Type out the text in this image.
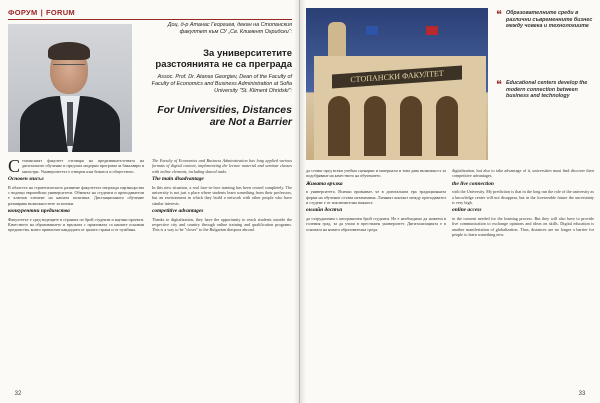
ФОРУМ | FORUM
Доц. д-р Атанас Георгиев, декан на Стопанския факултет към СУ „Св. Климент Охридски“:
За университетите разстоянията не са преграда
Assoc. Prof. Dr. Atanas Georgiev, Dean of the Faculty of Faculty of Economics and Business Administration at Sofia University "St. Kliment Ohridski":
For Universities, Distances are Not a Barrier

Стопанският факултет отговаря на предизвикателствата на дигиталното обучение и предлага модерни програми за бакалаври и магистри. Университетът е отворен към бизнеса и обществото.

Основен мисъл

В областта на стратегическото развитие факултетът изгражда партньорства с водещи европейски университети. Обменът на студенти и преподаватели е ключов елемент на нашата политика. Дистанционното обучение разширява възможностите за всички.

конкурентни предимства

Факултетът е сред водещите в страната по брой студенти и научни проекти. Качеството на образованието и връзката с практиката са нашите основни предимства, които привличат кандидати от цялата страна и от чужбина.

The Faculty of Economics and Business Administration has long applied various formats of digital content, implementing the lecture material and seminar classes with online elements, including shared tasks.

The main disadvantage

In this new situation, a real face-to-face training has been ceased completely. The university is not just a place where students learn something from their professors, but an environment in which they build a network with other people who have similar interests.

competitive advantages

Thanks to digitalization, they have the opportunity to reach students outside the respective city and country through online training and qualification programs. This is a way to be "closer" to the Bulgarian diaspora abroad.

32
СТОПАНСКИ ФАКУЛТЕТ
❝ Образователните среди в различни съвременните бизнес между човека и технологиите
❝ Educational centers develop the modern connection between business and technology

да стоиш пред всеки учебни сценарии и материали и това дава възможност за подобряване на качеството на обучението.

Живата връзка

в университета. Всички признават, че в дигиталната ера традиционната форма на обучение остава незаменима. Личният контакт между преподавател и студент е от изключителна важност.

онлайн достъп

да сътрудничим с неограничен брой студенти. Не е необходимо да живееш в големия град, за да учиш в престижен университет. Дигитализацията е в основата на новата образователна среда.

digitalization, but also to take advantage of it, universities must find discover their competitive advantages.

the live connection

with the University. My prediction is that in the long run the role of the university as a knowledge center will not disappear, but in the foreseeable future the uncertainty is very high.

online access

to the consent needed for the learning process. But they will also have to provide live communication to exchange opinions and ideas on skills. Digital education is another manifestation of globalization. Thus, distances are no longer a barrier for people to learn something new.

33
